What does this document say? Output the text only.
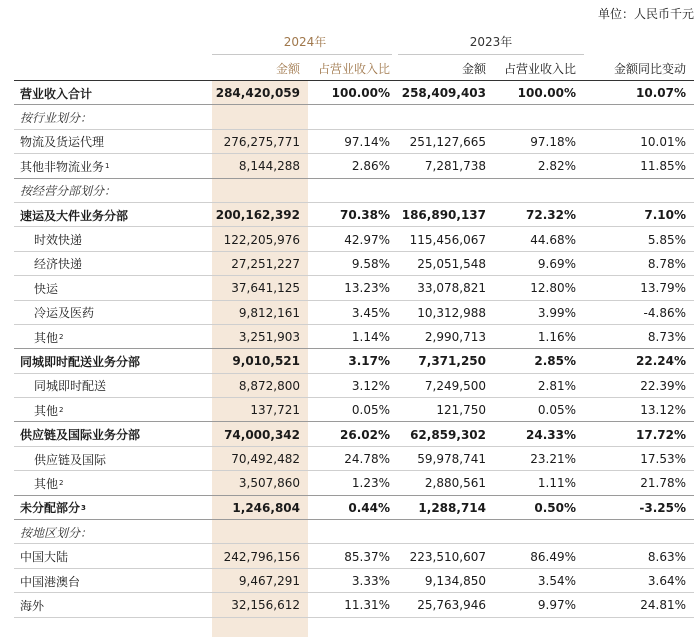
单位：人民币千元
2024年	2023年
金额	占营业收入比	金额	占营业收入比	金额同比变动
营业收入合计	284,420,059	100.00% 258,409,403	100.00%	10.07%
按行业划分：
物流及货运代理	276,275,771	97.14%	251,127,665	97.18%	10.01%
其他非物流业务 1	8,144,288	2.86%	7,281,738	2.82%	11.85%
按经营分部划分：
速运及大件业务分部	200,162,392	70.38% 186,890,137	72.32%	7.10%
时效快递	122,205,976	42.97%	115,456,067	44.68%	5.85%
经济快递	27,251,227	9.58%	25,051,548	9.69%	8.78%
快运	37,641,125	13.23%	33,078,821	12.80%	13.79%
冷运及医药	9,812,161	3.45%	10,312,988	3.99%	-4.86%
其他 2	3,251,903	1.14%	2,990,713	1.16%	8.73%
同城即时配送业务分部	9,010,521	3.17%	7,371,250	2.85%	22.24%
同城即时配送	8,872,800	3.12%	7,249,500	2.81%	22.39%
其他 2	137,721	0.05%	121,750	0.05%	13.12%
供应链及国际业务分部	74,000,342	26.02%	62,859,302	24.33%	17.72%
供应链及国际	70,492,482	24.78%	59,978,741	23.21%	17.53%
其他 2	3,507,860	1.23%	2,880,561	1.11%	21.78%
未分配部分 3	1,246,804	0.44%	1,288,714	0.50%	-3.25%
按地区划分：
中国大陆	242,796,156	85.37%	223,510,607	86.49%	8.63%
中国港澳台	9,467,291	3.33%	9,134,850	3.54%	3.64%
海外	32,156,612	11.31%	25,763,946	9.97%	24.81%
